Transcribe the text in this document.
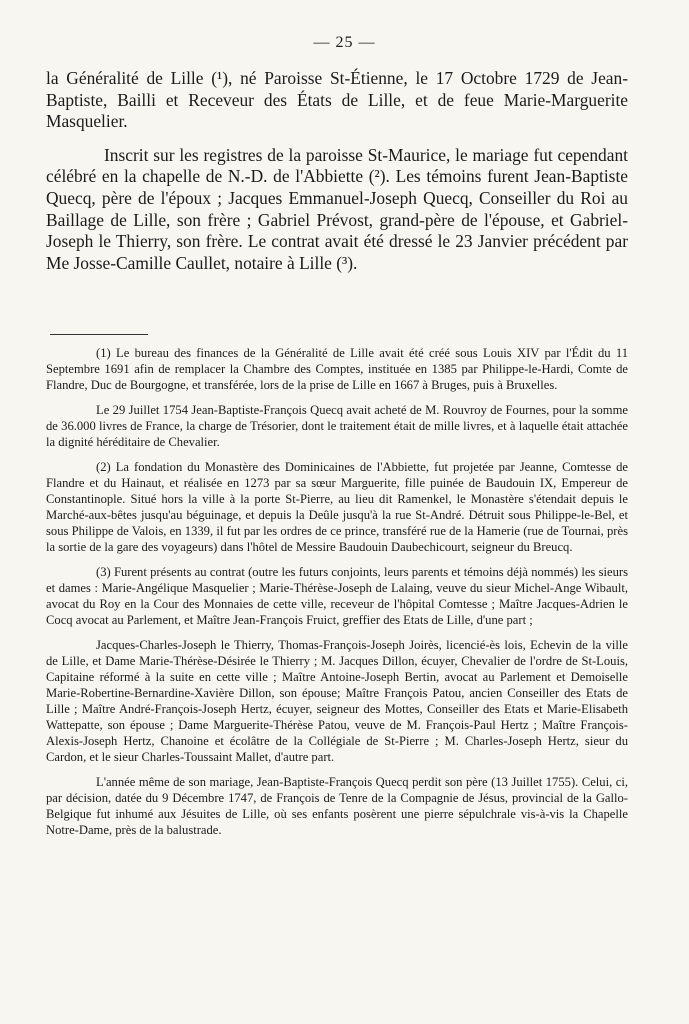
— 25 —

la Généralité de Lille (¹), né Paroisse St-Étienne, le 17 Octobre 1729 de Jean-Baptiste, Bailli et Receveur des États de Lille, et de feue Marie-Marguerite Masquelier.

Inscrit sur les registres de la paroisse St-Maurice, le mariage fut cependant célébré en la chapelle de N.-D. de l'Abbiette (²). Les témoins furent Jean-Baptiste Quecq, père de l'époux ; Jacques Emmanuel-Joseph Quecq, Conseiller du Roi au Baillage de Lille, son frère ; Gabriel Prévost, grand-père de l'épouse, et Gabriel-Joseph le Thierry, son frère. Le contrat avait été dressé le 23 Janvier précédent par Me Josse-Camille Caullet, notaire à Lille (³).

(1) Le bureau des finances de la Généralité de Lille avait été créé sous Louis XIV par l'Édit du 11 Septembre 1691 afin de remplacer la Chambre des Comptes, instituée en 1385 par Philippe-le-Hardi, Comte de Flandre, Duc de Bourgogne, et transférée, lors de la prise de Lille en 1667 à Bruges, puis à Bruxelles.

Le 29 Juillet 1754 Jean-Baptiste-François Quecq avait acheté de M. Rouvroy de Fournes, pour la somme de 36.000 livres de France, la charge de Trésorier, dont le traitement était de mille livres, et à laquelle était attachée la dignité héréditaire de Chevalier.

(2) La fondation du Monastère des Dominicaines de l'Abbiette, fut projetée par Jeanne, Comtesse de Flandre et du Hainaut, et réalisée en 1273 par sa sœur Marguerite, fille puinée de Baudouin IX, Empereur de Constantinople. Situé hors la ville à la porte St-Pierre, au lieu dit Ramenkel, le Monastère s'étendait depuis le Marché-aux-bêtes jusqu'au béguinage, et depuis la Deûle jusqu'à la rue St-André. Détruit sous Philippe-le-Bel, et sous Philippe de Valois, en 1339, il fut par les ordres de ce prince, transféré rue de la Hamerie (rue de Tournai, près la sortie de la gare des voyageurs) dans l'hôtel de Messire Baudouin Daubechicourt, seigneur du Breucq.

(3) Furent présents au contrat (outre les futurs conjoints, leurs parents et témoins déjà nommés) les sieurs et dames : Marie-Angélique Masquelier ; Marie-Thérèse-Joseph de Lalaing, veuve du sieur Michel-Ange Wibault, avocat du Roy en la Cour des Monnaies de cette ville, receveur de l'hôpital Comtesse ; Maître Jacques-Adrien le Cocq avocat au Parlement, et Maître Jean-François Fruict, greffier des Etats de Lille, d'une part ;

Jacques-Charles-Joseph le Thierry, Thomas-François-Joseph Joirès, licencié-ès lois, Echevin de la ville de Lille, et Dame Marie-Thérèse-Désirée le Thierry ; M. Jacques Dillon, écuyer, Chevalier de l'ordre de St-Louis, Capitaine réformé à la suite en cette ville ; Maître Antoine-Joseph Bertin, avocat au Parlement et Demoiselle Marie-Robertine-Bernardine-Xavière Dillon, son épouse; Maître François Patou, ancien Conseiller des Etats de Lille ; Maître André-François-Joseph Hertz, écuyer, seigneur des Mottes, Conseiller des Etats et Marie-Elisabeth Wattepatte, son épouse ; Dame Marguerite-Thérèse Patou, veuve de M. François-Paul Hertz ; Maître François-Alexis-Joseph Hertz, Chanoine et écolâtre de la Collégiale de St-Pierre ; M. Charles-Joseph Hertz, sieur du Cardon, et le sieur Charles-Toussaint Mallet, d'autre part.

L'année même de son mariage, Jean-Baptiste-François Quecq perdit son père (13 Juillet 1755). Celui, ci, par décision, datée du 9 Décembre 1747, de François de Tenre de la Compagnie de Jésus, provincial de la Gallo-Belgique fut inhumé aux Jésuites de Lille, où ses enfants posèrent une pierre sépulchrale vis-à-vis la Chapelle Notre-Dame, près de la balustrade.
